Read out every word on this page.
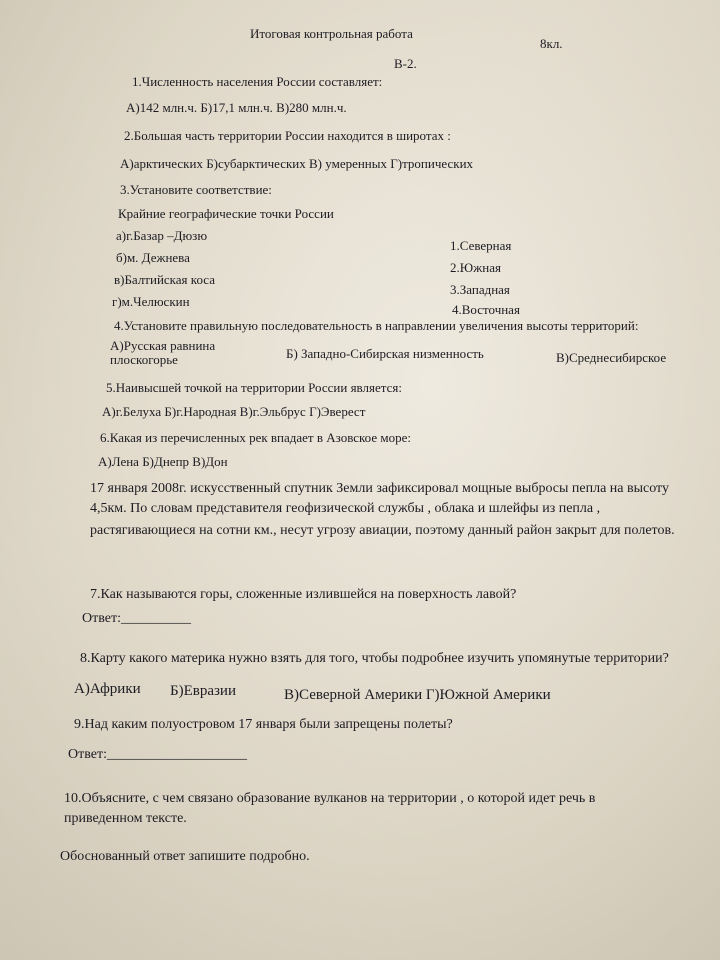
Итоговая контрольная работа
8кл.
В-2.
1.Численность населения России составляет:
А)142 млн.ч. Б)17,1 млн.ч. В)280 млн.ч.
2.Большая часть территории России находится в широтах :
А)арктических Б)субарктических В) умеренных Г)тропических
3.Установите соответствие:
Крайние географические точки России
а)г.Базар –Дюзю
б)м. Дежнева
в)Балтийская коса
г)м.Челюскин
1.Северная
2.Южная
3.Западная
4.Восточная
4.Установите правильную последовательность в направлении увеличения высоты территорий:
А)Русская равнина
Б) Западно-Сибирская низменность	В)Среднесибирское
плоскогорье
5.Наивысшей точкой на территории России является:
А)г.Белуха Б)г.Народная В)г.Эльбрус Г)Эверест
6.Какая из перечисленных рек впадает в Азовское море:
А)Лена Б)Днепр В)Дон
17 января 2008г. искусственный спутник Земли зафиксировал мощные выбросы пепла на высоту
4,5км. По словам представителя геофизической службы , облака и шлейфы из пепла ,
растягивающиеся на сотни км., несут угрозу авиации, поэтому данный район закрыт для полетов.
7.Как называются горы, сложенные излившейся на поверхность лавой?
Ответ:__________
8.Карту какого материка нужно взять для того, чтобы подробнее изучить упомянутые территории?
А)Африки Б)Евразии	В)Северной Америки Г)Южной Америки
9.Над каким полуостровом 17 января были запрещены полеты?
Ответ:____________________
10.Объясните, с чем связано образование вулканов на территории , о которой идет речь в
приведенном тексте.
Обоснованный ответ запишите подробно.
